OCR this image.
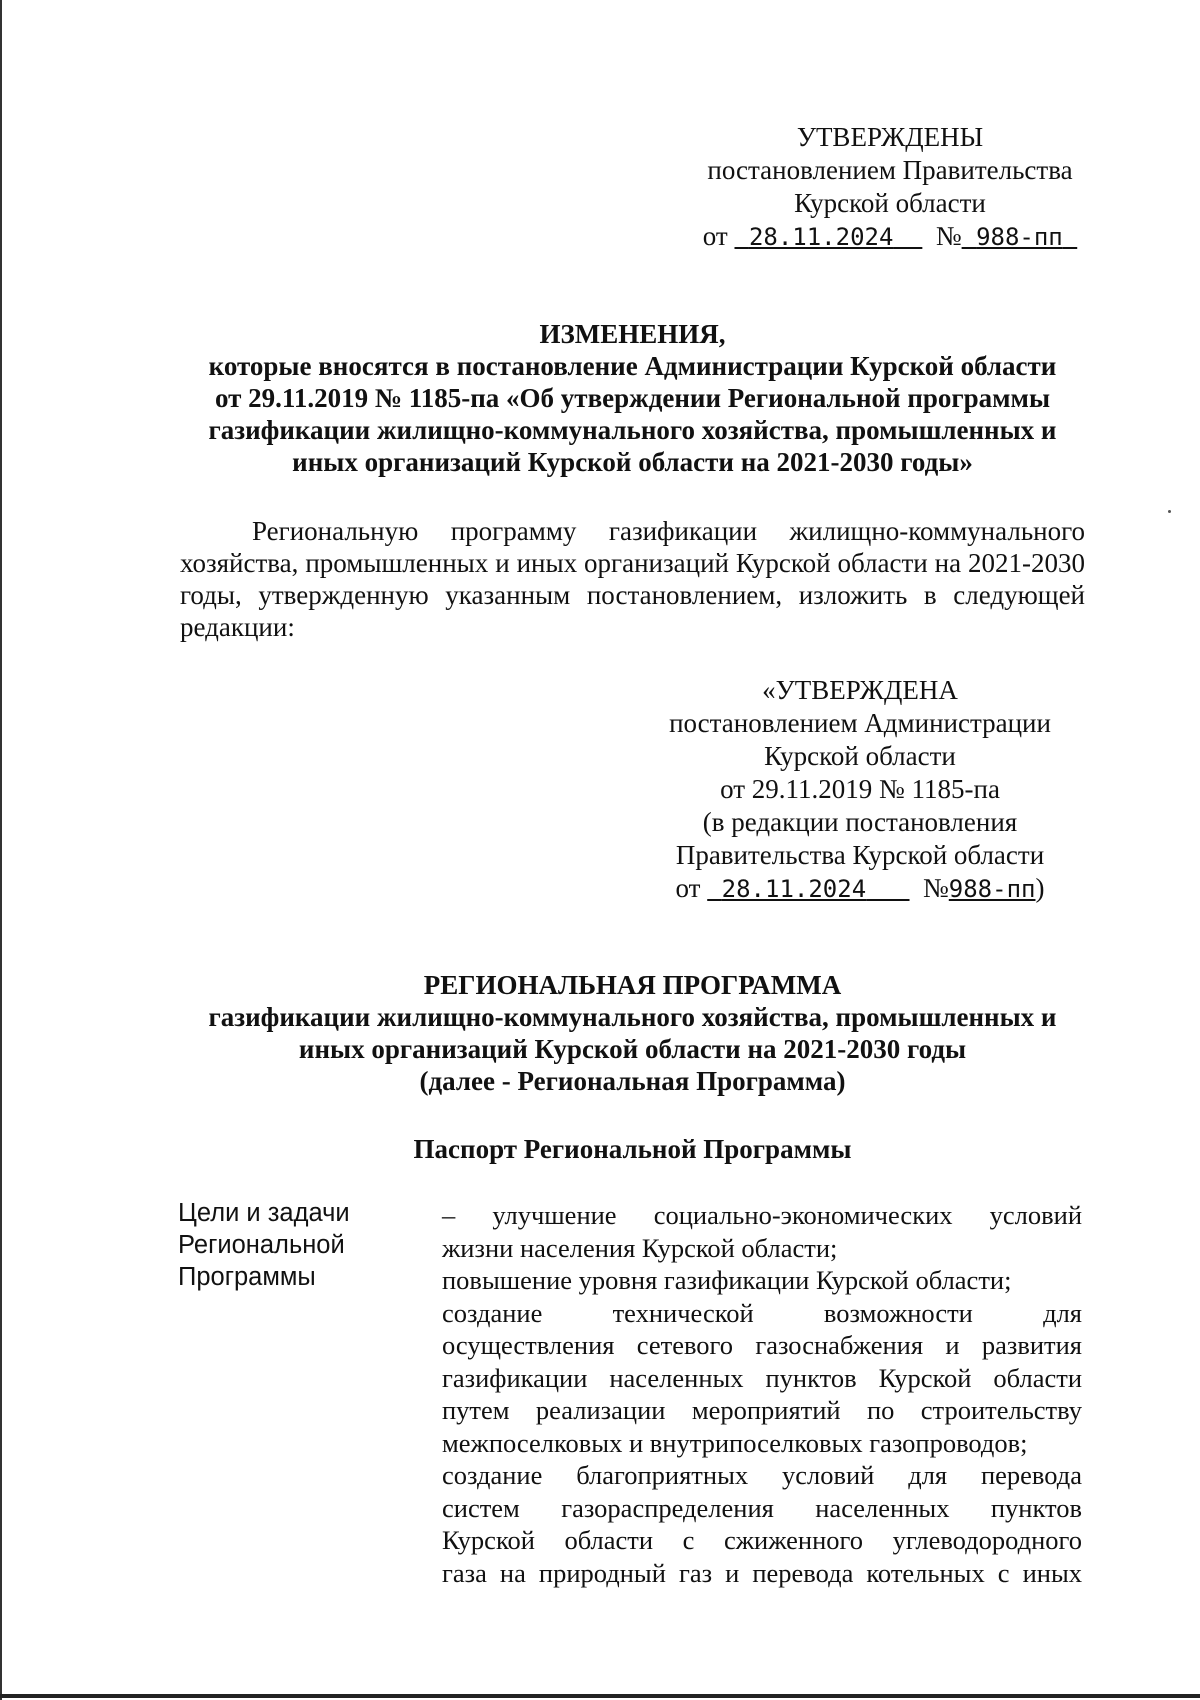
УТВЕРЖДЕНЫ
постановлением Правительства
Курской области
от 28.11.2024 № 988-пп
ИЗМЕНЕНИЯ,
которые вносятся в постановление Администрации Курской области
от 29.11.2019 № 1185-па «Об утверждении Региональной программы
газификации жилищно-коммунального хозяйства, промышленных и
иных организаций Курской области на 2021-2030 годы»
Региональную программу газификации жилищно-коммунального хозяйства, промышленных и иных организаций Курской области на 2021-2030 годы, утвержденную указанным постановлением, изложить в следующей редакции:
«УТВЕРЖДЕНА
постановлением Администрации
Курской области
от 29.11.2019 № 1185-па
(в редакции постановления
Правительства Курской области
от 28.11.2024 №988-пп)
РЕГИОНАЛЬНАЯ ПРОГРАММА
газификации жилищно-коммунального хозяйства, промышленных и
иных организаций Курской области на 2021-2030 годы
(далее - Региональная Программа)
Паспорт Региональной Программы
Цели и задачи
Региональной
Программы
– улучшение социально-экономических условий
жизни населения Курской области;
повышение уровня газификации Курской области;
создание технической возможности для
осуществления сетевого газоснабжения и развития
газификации населенных пунктов Курской области
путем реализации мероприятий по строительству
межпоселковых и внутрипоселковых газопроводов;
создание благоприятных условий для перевода
систем газораспределения населенных пунктов
Курской области с сжиженного углеводородного
газа на природный газ и перевода котельных с иных
